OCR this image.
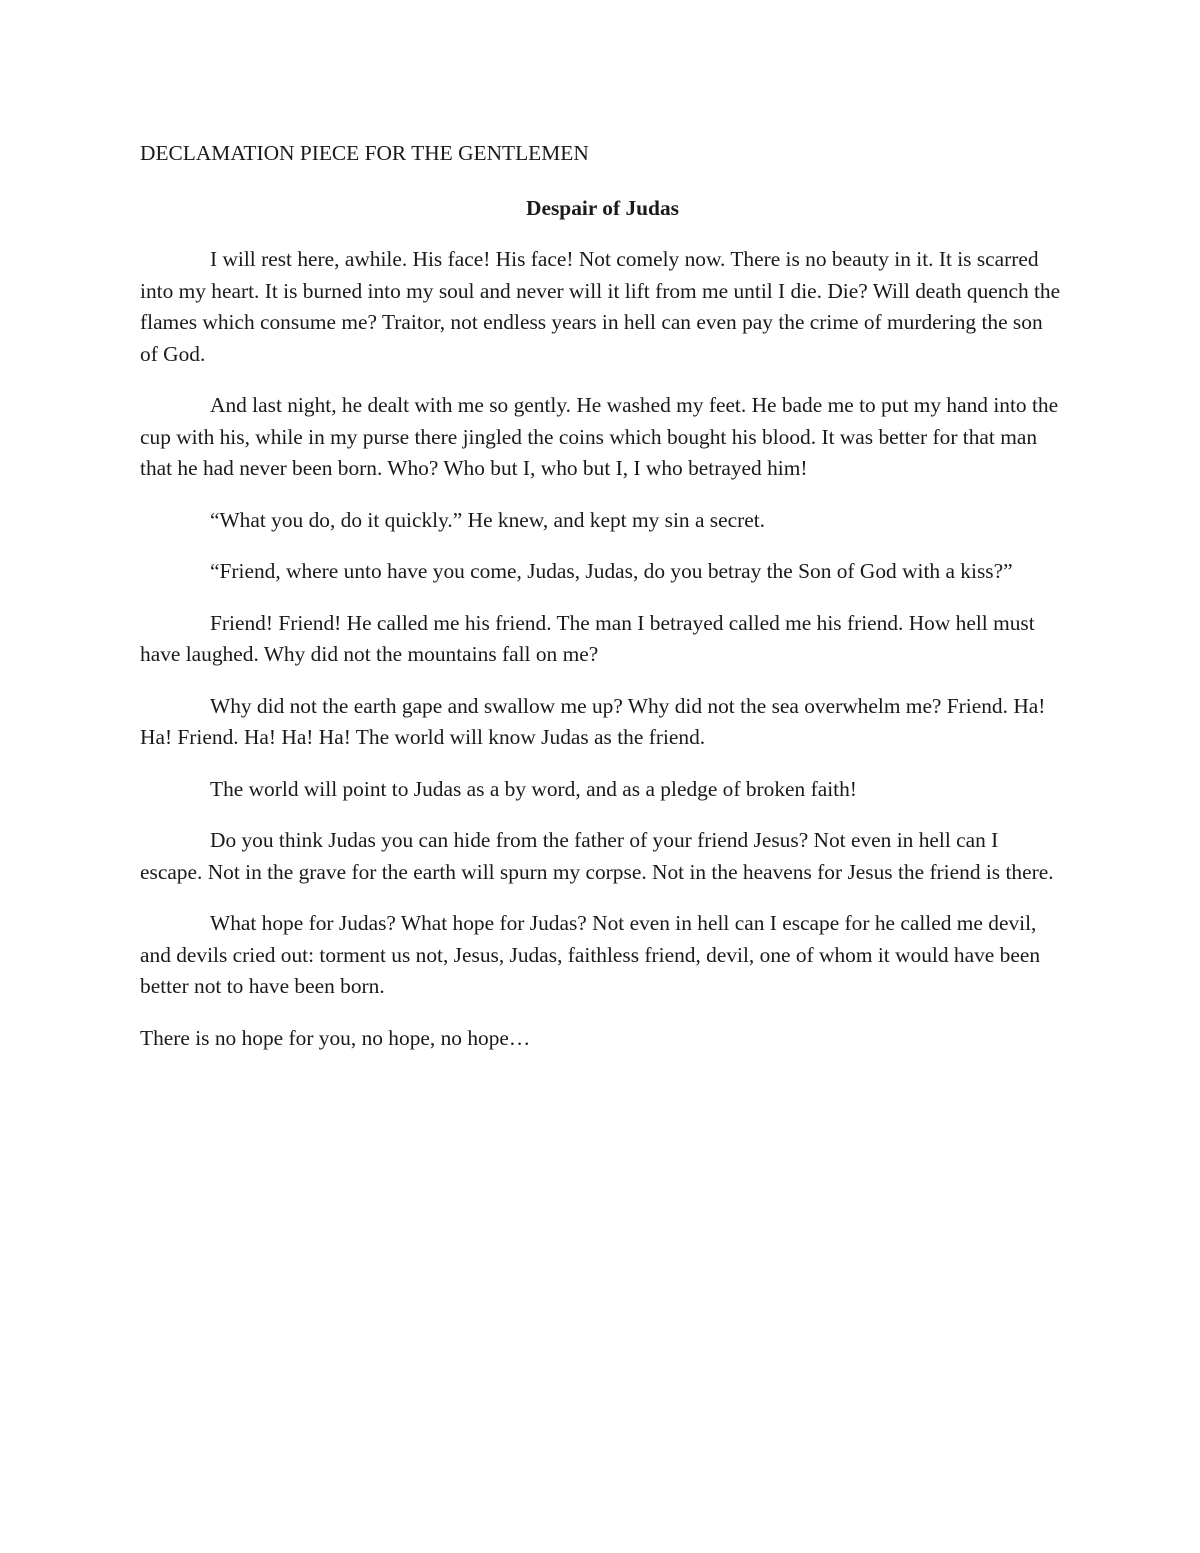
DECLAMATION PIECE FOR THE GENTLEMEN

Despair of Judas

I will rest here, awhile. His face! His face! Not comely now. There is no beauty in it. It is scarred into my heart. It is burned into my soul and never will it lift from me until I die. Die? Will death quench the flames which consume me? Traitor, not endless years in hell can even pay the crime of murdering the son of God.

And last night, he dealt with me so gently. He washed my feet. He bade me to put my hand into the cup with his, while in my purse there jingled the coins which bought his blood. It was better for that man that he had never been born. Who? Who but I, who but I, I who betrayed him!

“What you do, do it quickly.” He knew, and kept my sin a secret.

“Friend, where unto have you come, Judas, Judas, do you betray the Son of God with a kiss?”

Friend! Friend! He called me his friend. The man I betrayed called me his friend. How hell must have laughed. Why did not the mountains fall on me?

Why did not the earth gape and swallow me up? Why did not the sea overwhelm me? Friend. Ha! Ha! Friend. Ha! Ha! Ha! The world will know Judas as the friend.

The world will point to Judas as a by word, and as a pledge of broken faith!

Do you think Judas you can hide from the father of your friend Jesus? Not even in hell can I escape. Not in the grave for the earth will spurn my corpse. Not in the heavens for Jesus the friend is there.

What hope for Judas? What hope for Judas? Not even in hell can I escape for he called me devil, and devils cried out: torment us not, Jesus, Judas, faithless friend, devil, one of whom it would have been better not to have been born.

There is no hope for you, no hope, no hope…
